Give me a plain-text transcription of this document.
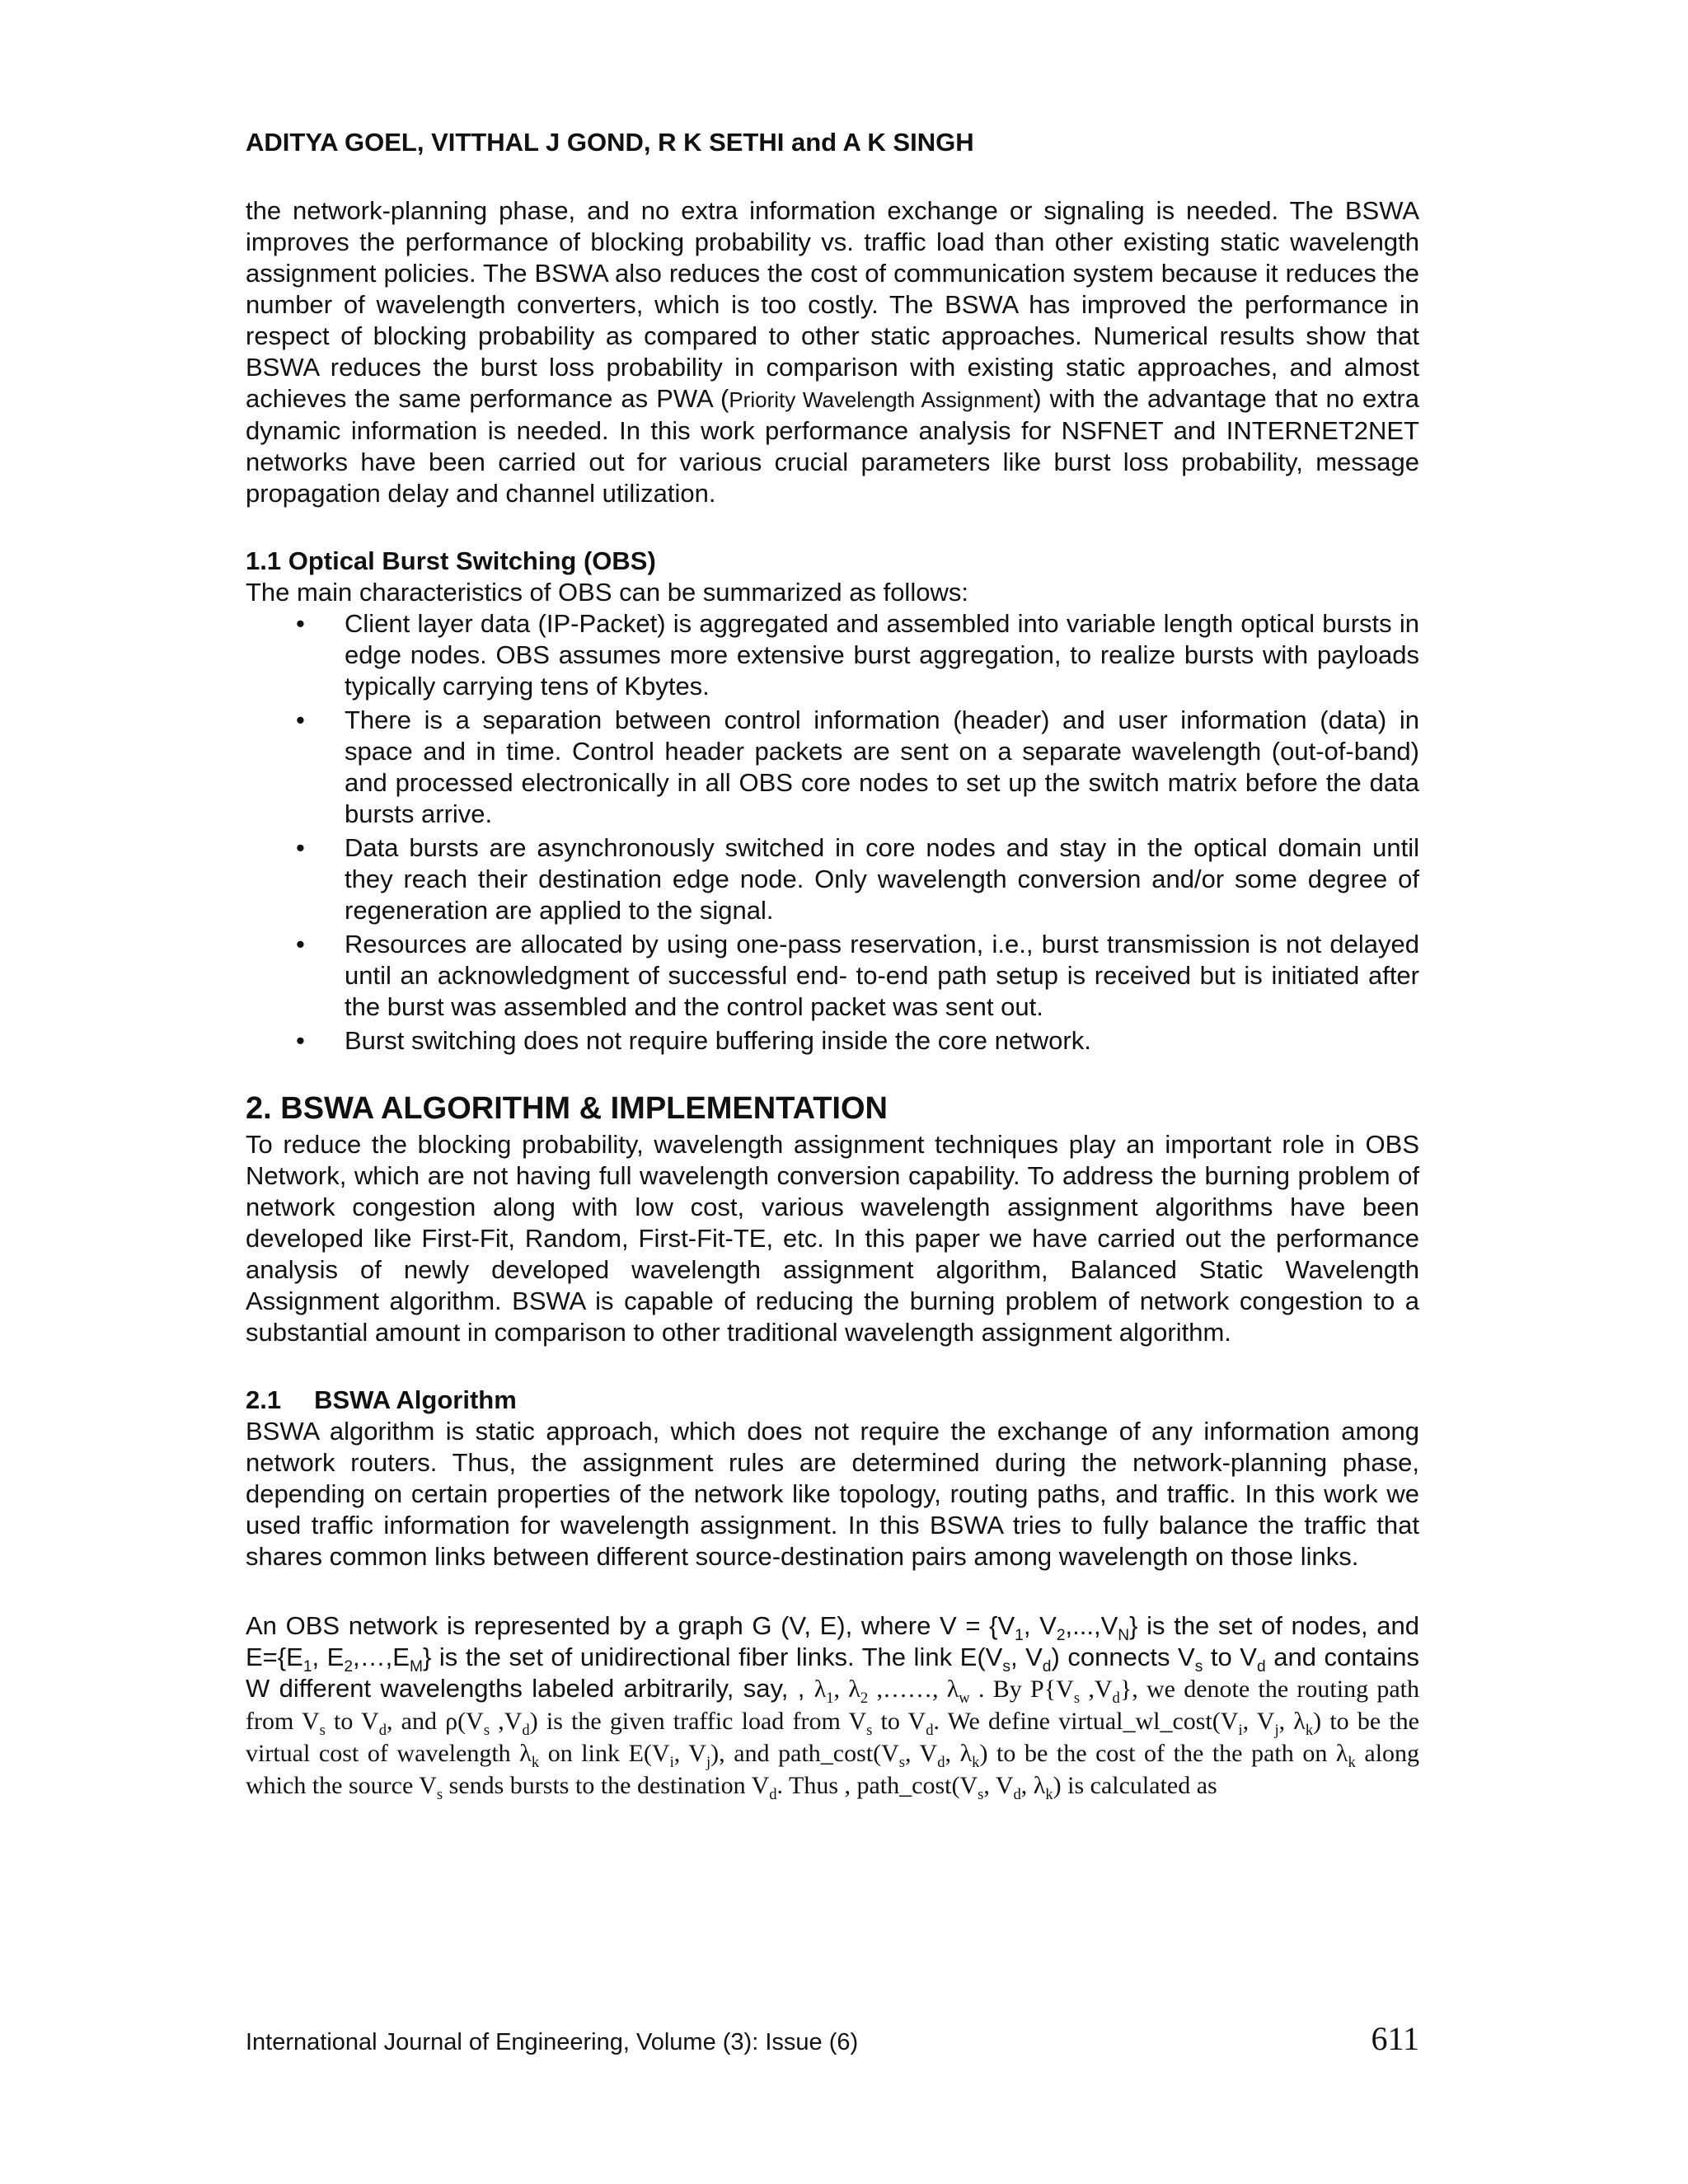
ADITYA GOEL, VITTHAL J GOND, R K SETHI and A K SINGH

the network-planning phase, and no extra information exchange or signaling is needed. The BSWA improves the performance of blocking probability vs. traffic load than other existing static wavelength assignment policies. The BSWA also reduces the cost of communication system because it reduces the number of wavelength converters, which is too costly. The BSWA has improved the performance in respect of blocking probability as compared to other static approaches. Numerical results show that BSWA reduces the burst loss probability in comparison with existing static approaches, and almost achieves the same performance as PWA (Priority Wavelength Assignment) with the advantage that no extra dynamic information is needed. In this work performance analysis for NSFNET and INTERNET2NET networks have been carried out for various crucial parameters like burst loss probability, message propagation delay and channel utilization.

1.1 Optical Burst Switching (OBS)

The main characteristics of OBS can be summarized as follows:

• Client layer data (IP-Packet) is aggregated and assembled into variable length optical bursts in edge nodes. OBS assumes more extensive burst aggregation, to realize bursts with payloads typically carrying tens of Kbytes.
• There is a separation between control information (header) and user information (data) in space and in time. Control header packets are sent on a separate wavelength (out-of-band) and processed electronically in all OBS core nodes to set up the switch matrix before the data bursts arrive.
• Data bursts are asynchronously switched in core nodes and stay in the optical domain until they reach their destination edge node. Only wavelength conversion and/or some degree of regeneration are applied to the signal.
• Resources are allocated by using one-pass reservation, i.e., burst transmission is not delayed until an acknowledgment of successful end- to-end path setup is received but is initiated after the burst was assembled and the control packet was sent out.
• Burst switching does not require buffering inside the core network.
2. BSWA ALGORITHM & IMPLEMENTATION

To reduce the blocking probability, wavelength assignment techniques play an important role in OBS Network, which are not having full wavelength conversion capability. To address the burning problem of network congestion along with low cost, various wavelength assignment algorithms have been developed like First-Fit, Random, First-Fit-TE, etc. In this paper we have carried out the performance analysis of newly developed wavelength assignment algorithm, Balanced Static Wavelength Assignment algorithm. BSWA is capable of reducing the burning problem of network congestion to a substantial amount in comparison to other traditional wavelength assignment algorithm.

2.1 BSWA Algorithm

BSWA algorithm is static approach, which does not require the exchange of any information among network routers. Thus, the assignment rules are determined during the network-planning phase, depending on certain properties of the network like topology, routing paths, and traffic. In this work we used traffic information for wavelength assignment. In this BSWA tries to fully balance the traffic that shares common links between different source-destination pairs among wavelength on those links.

An OBS network is represented by a graph G (V, E), where $V = \{V_1$, $V_2,...,V_N$} is the set of nodes, and $E=\{E_1$, $E_2,\dots,E_M$} is the set of unidirectional fiber links. The link $E(V_s$, $V_d$) connects $V_s$ to $V_d$ and contains W different wavelengths labeled arbitrarily, say, , $\lambda_1$, $\lambda_2$ ,……, $\lambda_w$ . By $P\{V_s$ $,V_d$}, we denote the routing path from $V_s$ to $V_d$, and $\rho(V_s$ $,V_d$) is the given traffic load from $V_s$ to $V_d$. We define $virtual\_wl\_\cos t(V_i$, $V_j$, $\lambda_k$) to be the virtual cost of wavelength $\lambda_k$ on link $E(V_i$, $V_j$), and $path\_\cos t(V_s$, $V_d$, $\lambda_k$) to be the cost of the the path on $\lambda_k$ along which the source $V_s$ sends bursts to the destination $V_d$. Thus , $path\_\cos t(V_s$, $V_d$, $\lambda_k$) is calculated as

International Journal of Engineering, Volume (3): Issue (6)	611
